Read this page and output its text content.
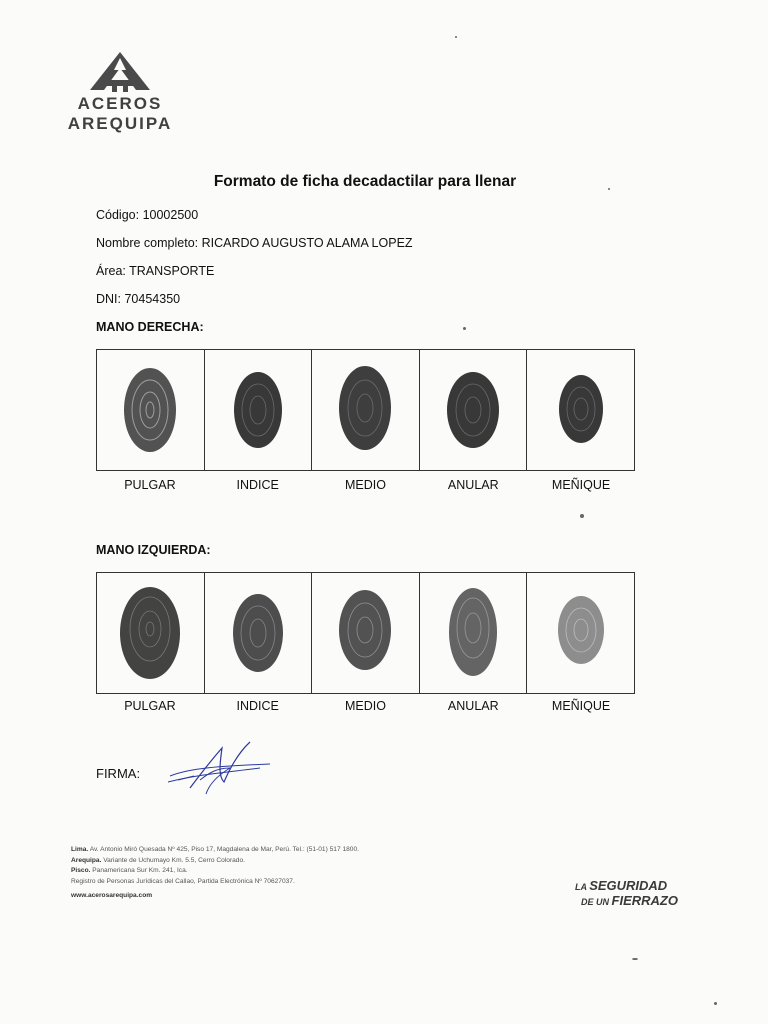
ACEROS
AREQUIPA
Formato de ficha decadactilar para llenar
Código: 10002500
Nombre completo: RICARDO AUGUSTO ALAMA LOPEZ
Área: TRANSPORTE
DNI: 70454350
MANO DERECHA:
PULGAR	INDICE	MEDIO	ANULAR	MEÑIQUE
MANO IZQUIERDA:
PULGAR	INDICE	MEDIO	ANULAR	MEÑIQUE
FIRMA:
Lima. Av. Antonio Miró Quesada Nº 425, Piso 17, Magdalena de Mar, Perú. Tel.: (51-01) 517 1800.
Arequipa. Variante de Uchumayo Km. 5.5, Cerro Colorado.
Pisco. Panamericana Sur Km. 241, Ica.
Registro de Personas Jurídicas del Callao, Partida Electrónica Nº 70627037.
www.acerosarequipa.com
LA SEGURIDAD
DE UN FIERRAZO
